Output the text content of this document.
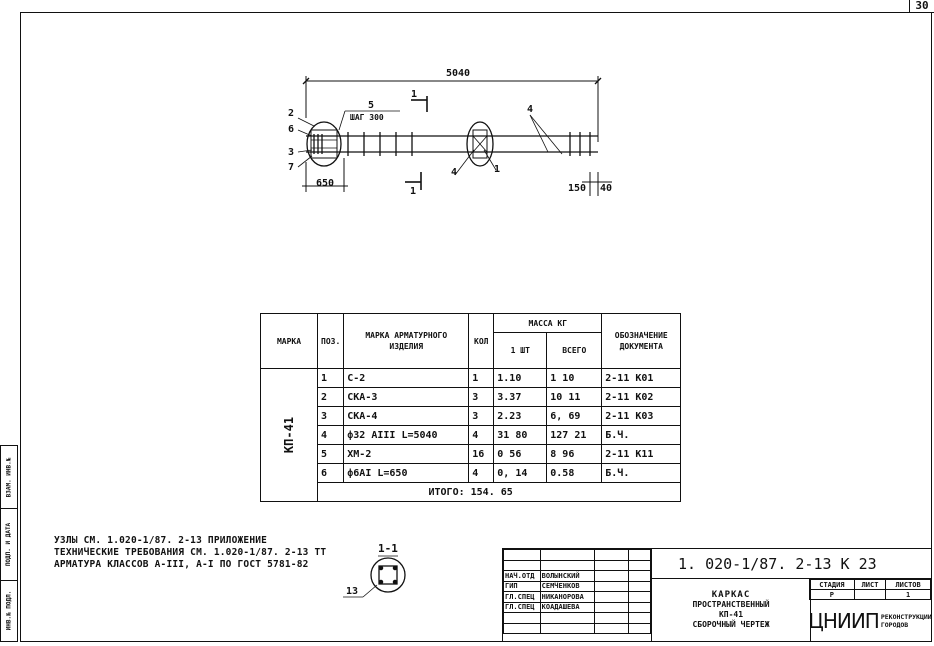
30
ВЗАМ. ИНВ.№
ПОДП. И ДАТА
ИНВ.№ ПОДЛ.
5040
650	150 40
ШАГ 300
2
6
3
7
5	4
4	1
1
1
1-1
13
МАРКА	ПОЗ.	МАРКА АРМАТУРНОГО ИЗДЕЛИЯ	КОЛ	МАССА КГ		ОБОЗНАЧЕНИЕ ДОКУМЕНТА
				1 ШТ	ВСЕГО	
КП-41	1	С-2	1	1.10	1 10	2-11 К01
	2	СКА-3	3	3.37	10 11	2-11 К02
	3	СКА-4	3	2.23	6, 69	2-11 К03
	4	ф32 AIII L=5040	4	31 80	127 21	Б.Ч.
	5	ХМ-2	16	0 56	8 96	2-11 К11
	6	ф6AI L=650	4	0, 14	0.58	Б.Ч.
	ИТОГО: 154. 65					
УЗЛЫ СМ. 1.020-1/87. 2-13 ПРИЛОЖЕНИЕ
ТЕХНИЧЕСКИЕ ТРЕБОВАНИЯ СМ. 1.020-1/87. 2-13 ТТ
АРМАТУРА КЛАССОВ А-III, А-I ПО ГОСТ 5781-82

НАЧ.ОТД	ВОЛЫНСКИЙ		
ГИП	СЕМЧЕНКОВ		
ГЛ.СПЕЦ	НИКАНОРОВА		
ГЛ.СПЕЦ	КОАДАШЕВА		

1. 020-1/87. 2-13 К 23
КАРКАС
ПРОСТРАНСТВЕННЫЙ
КП-41
СБОРОЧНЫЙ ЧЕРТЕЖ
СТАДИЯ	ЛИСТ	ЛИСТОВ
Р		1
ЦНИИП РЕКОНСТРУКЦИИ
ГОРОДОВ
